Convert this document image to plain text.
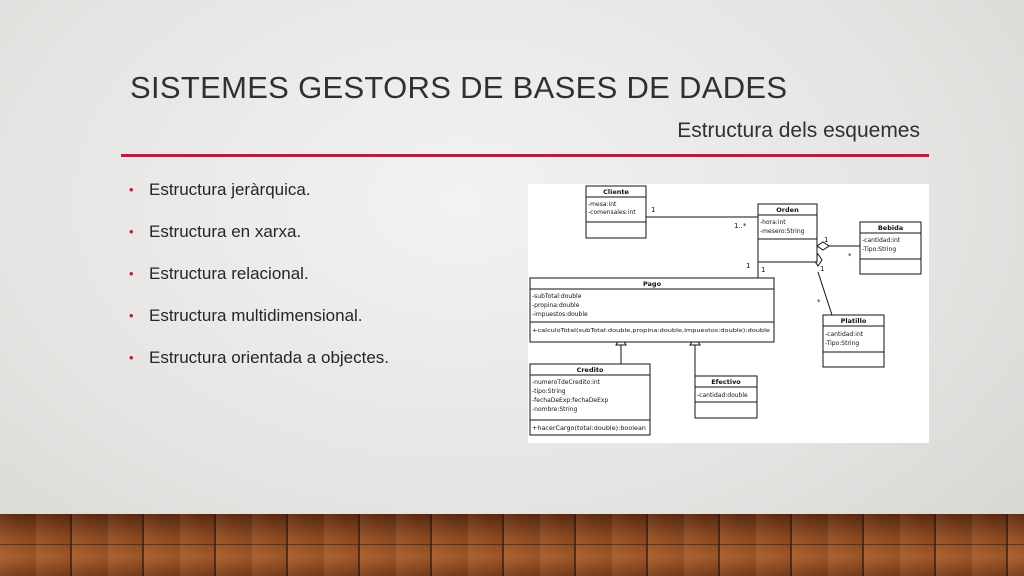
SISTEMES GESTORS DE BASES DE DADES
Estructura dels esquemes
• Estructura jeràrquica.
• Estructura en xarxa.
• Estructura relacional.
• Estructura multidimensional.
• Estructura orientada a objectes.
Cliente
-mesa:int
-comensales:int	Orden
-hora:int
-mesero:String	Bebida
-cantidad:int
-Tipo:String
Pago
-subTotal:double
-propina:double
-impuestos:double
+calculoTotal(subTotal:double,propina:double,impuestos:double):double
Platillo
-cantidad:int
-Tipo:String
Credito
-numeroTdeCredito:int
-tipo:String
-fechaDeExp:fechaDeExp
-nombre:String
+hacerCargo(total:double):boolean
Efectivo
-cantidad:double
1
1..*
1
*
1 1	1
*
